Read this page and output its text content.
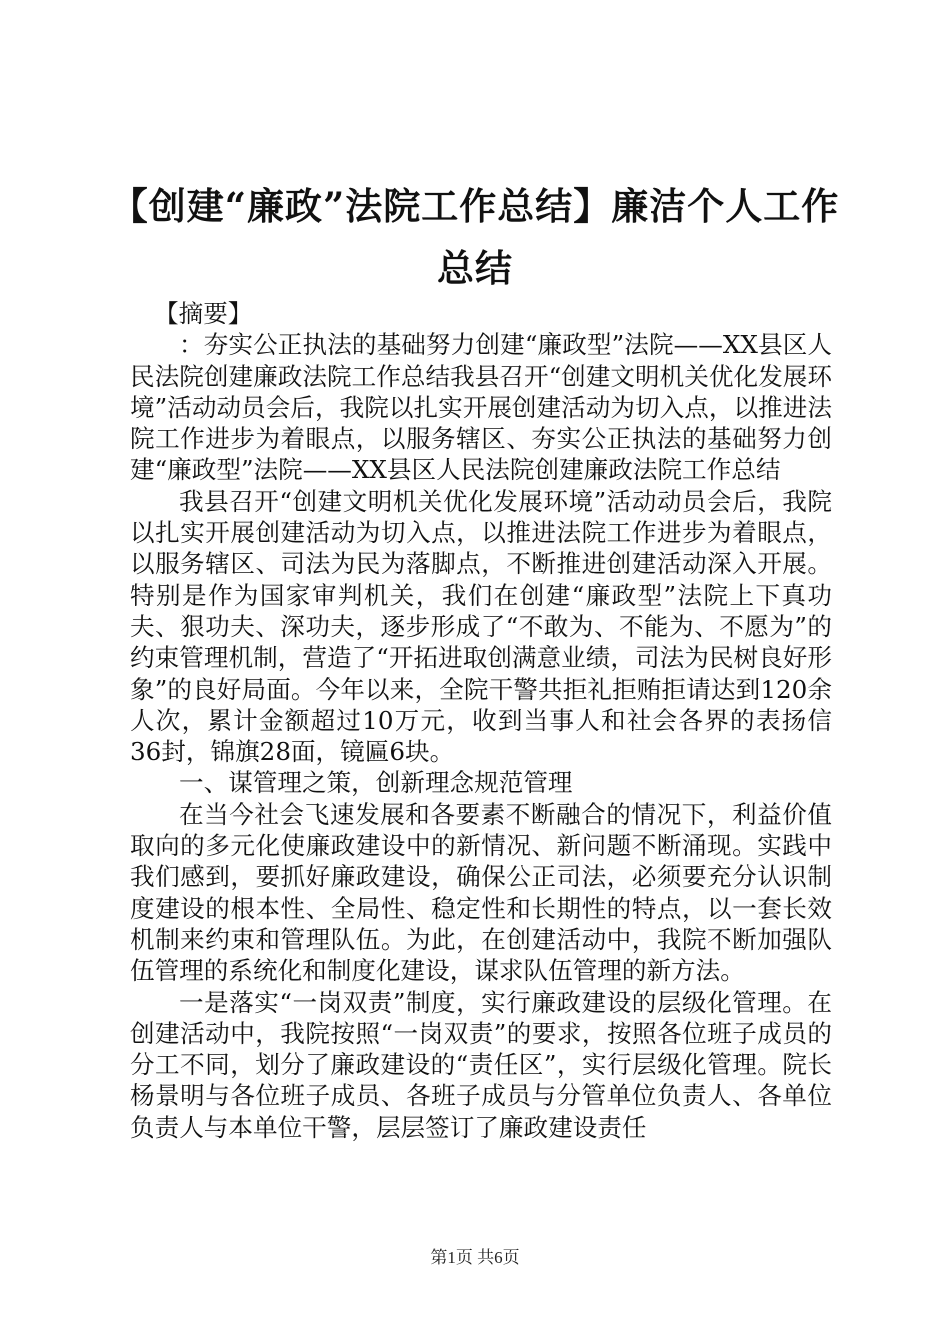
【创建“廉政”法院工作总结】廉洁个人工作
总结

【摘要】

：夯实公正执法的基础努力创建“廉政型”法院——XX县区人民法院创建廉政法院工作总结我县召开“创建文明机关优化发展环境”活动动员会后，我院以扎实开展创建活动为切入点，以推进法院工作进步为着眼点，以服务辖区、夯实公正执法的基础努力创建“廉政型”法院——XX县区人民法院创建廉政法院工作总结

我县召开“创建文明机关优化发展环境”活动动员会后，我院以扎实开展创建活动为切入点，以推进法院工作进步为着眼点，以服务辖区、司法为民为落脚点，不断推进创建活动深入开展。特别是作为国家审判机关，我们在创建“廉政型”法院上下真功夫、狠功夫、深功夫，逐步形成了“不敢为、不能为、不愿为”的约束管理机制，营造了“开拓进取创满意业绩，司法为民树良好形象”的良好局面。今年以来，全院干警共拒礼拒贿拒请达到120余人次，累计金额超过10万元，收到当事人和社会各界的表扬信36封，锦旗28面，镜匾6块。

一、谋管理之策，创新理念规范管理

在当今社会飞速发展和各要素不断融合的情况下，利益价值取向的多元化使廉政建设中的新情况、新问题不断涌现。实践中我们感到，要抓好廉政建设，确保公正司法，必须要充分认识制度建设的根本性、全局性、稳定性和长期性的特点，以一套长效机制来约束和管理队伍。为此，在创建活动中，我院不断加强队伍管理的系统化和制度化建设，谋求队伍管理的新方法。

一是落实“一岗双责”制度，实行廉政建设的层级化管理。在创建活动中，我院按照“一岗双责”的要求，按照各位班子成员的分工不同，划分了廉政建设的“责任区”，实行层级化管理。院长杨景明与各位班子成员、各班子成员与分管单位负责人、各单位负责人与本单位干警，层层签订了廉政建设责任

第1页 共6页
